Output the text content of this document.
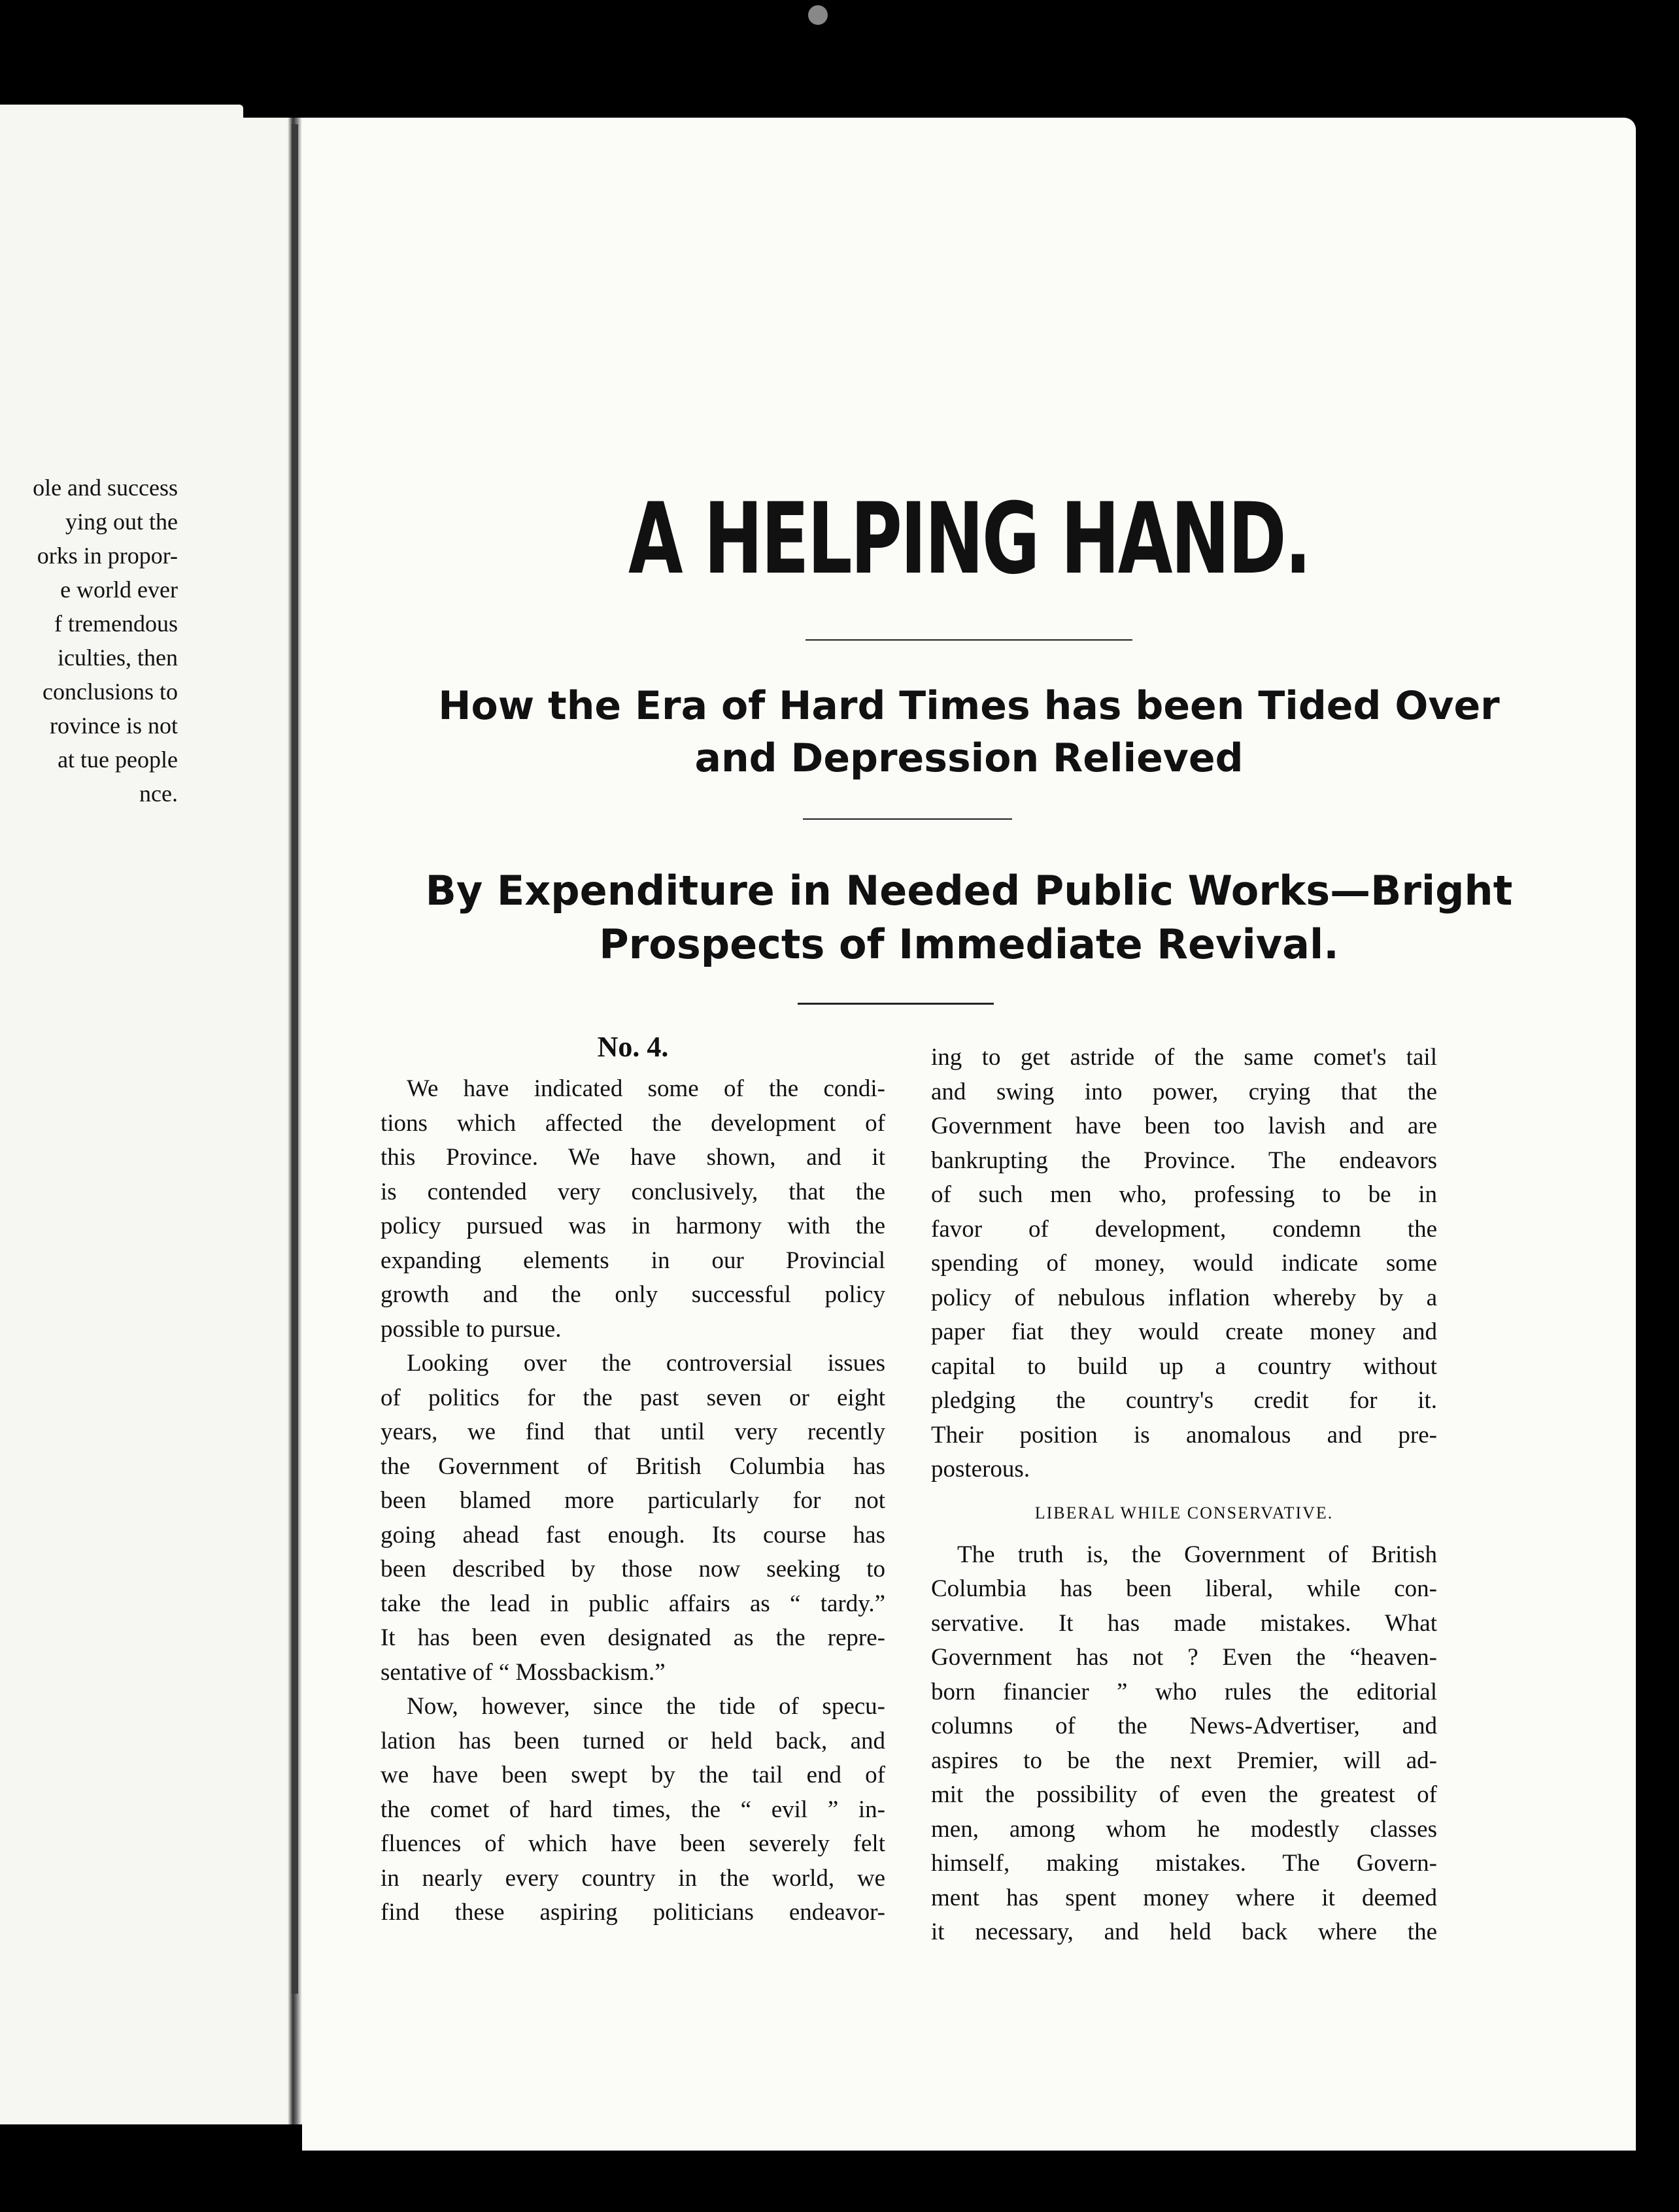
ole and success
ying out the
orks in propor-
e world ever
f tremendous
iculties, then
conclusions to
rovince is not
at tue people
nce.
A HELPING HAND.
How the Era of Hard Times has been Tided Over
and Depression Relieved
By Expenditure in Needed Public Works—Bright
Prospects of Immediate Revival.
No. 4.
We have indicated some of the condi-
tions which affected the development of
this Province. We have shown, and it
is contended very conclusively, that the
policy pursued was in harmony with the
expanding elements in our Provincial
growth and the only successful policy
possible to pursue.
Looking over the controversial issues
of politics for the past seven or eight
years, we find that until very recently
the Government of British Columbia has
been blamed more particularly for not
going ahead fast enough. Its course has
been described by those now seeking to
take the lead in public affairs as “ tardy.”
It has been even designated as the repre-
sentative of “ Mossbackism.”
Now, however, since the tide of specu-
lation has been turned or held back, and
we have been swept by the tail end of
the comet of hard times, the “ evil ” in-
fluences of which have been severely felt
in nearly every country in the world, we
find these aspiring politicians endeavor-
ing to get astride of the same comet's tail
and swing into power, crying that the
Government have been too lavish and are
bankrupting the Province. The endeavors
of such men who, professing to be in
favor of development, condemn the
spending of money, would indicate some
policy of nebulous inflation whereby by a
paper fiat they would create money and
capital to build up a country without
pledging the country's credit for it.
Their position is anomalous and pre-
posterous.
LIBERAL WHILE CONSERVATIVE.
The truth is, the Government of British
Columbia has been liberal, while con-
servative. It has made mistakes. What
Government has not ? Even the “heaven-
born financier ” who rules the editorial
columns of the News-Advertiser, and
aspires to be the next Premier, will ad-
mit the possibility of even the greatest of
men, among whom he modestly classes
himself, making mistakes. The Govern-
ment has spent money where it deemed
it necessary, and held back where the
